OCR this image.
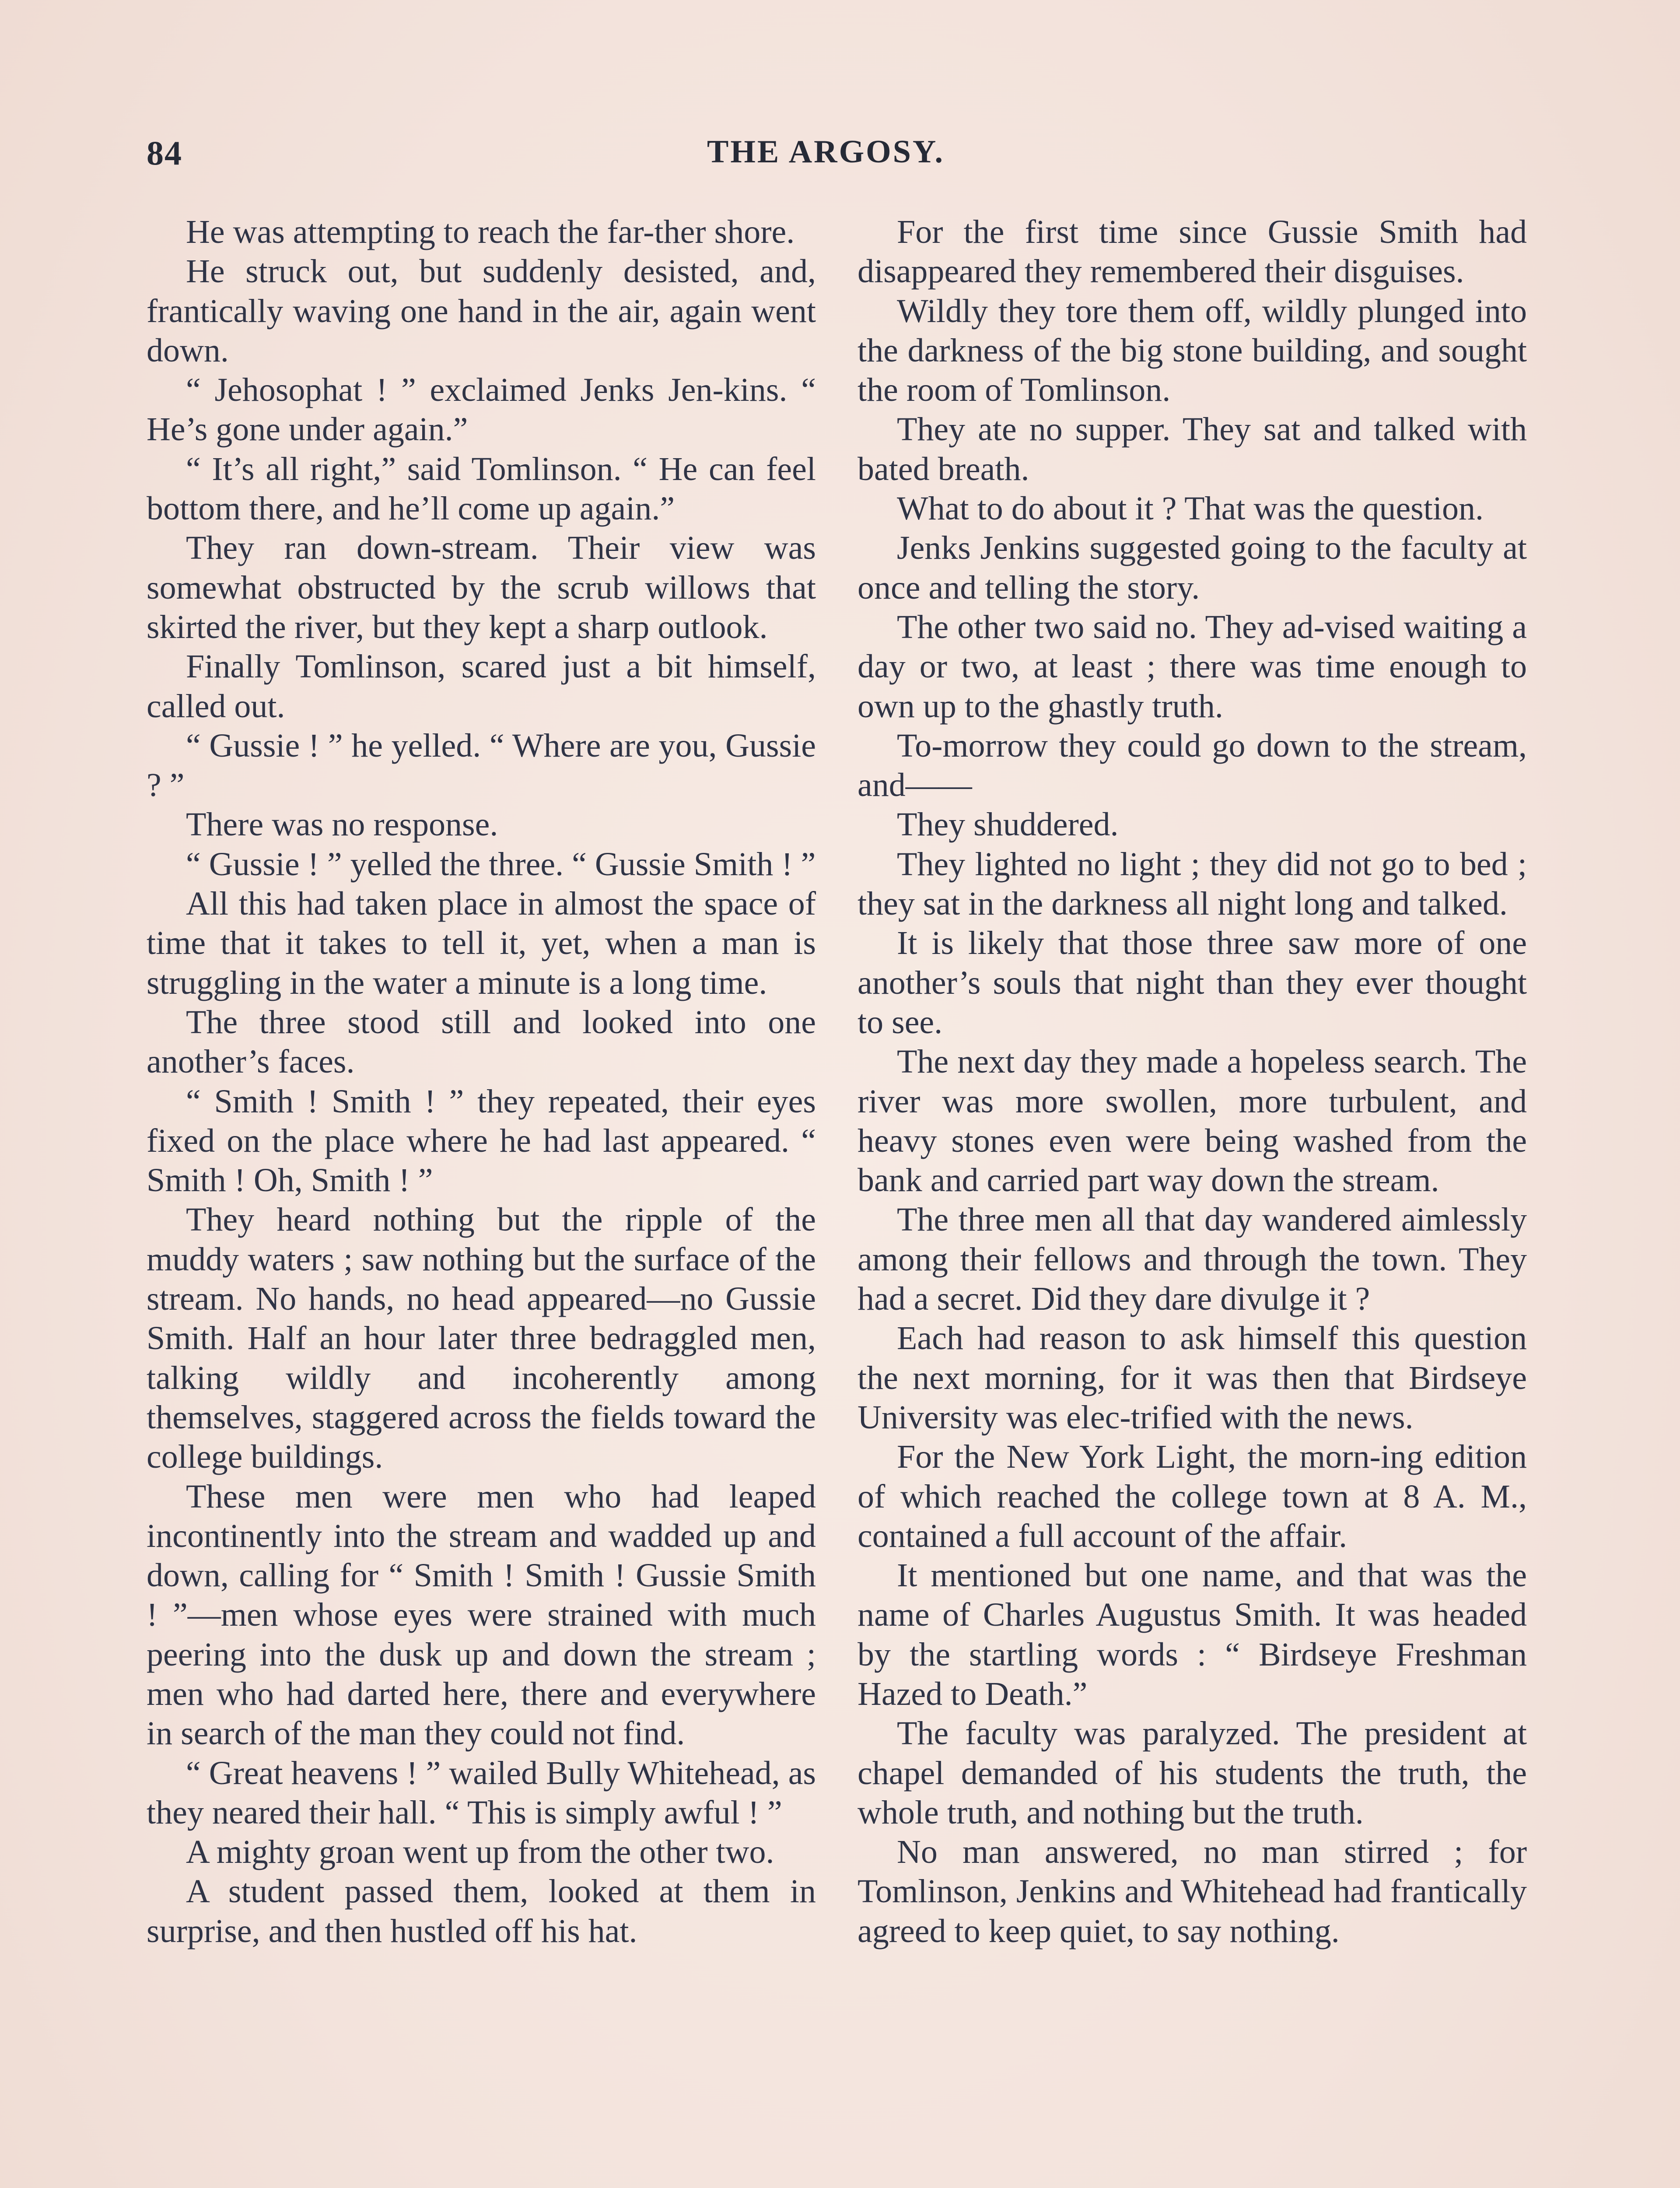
84	THE ARGOSY.

He was attempting to reach the far-ther shore.

He struck out, but suddenly desisted, and, frantically waving one hand in the air, again went down.

“ Jehosophat ! ” exclaimed Jenks Jen-kins. “ He’s gone under again.”

“ It’s all right,” said Tomlinson. “ He can feel bottom there, and he’ll come up again.”

They ran down-stream. Their view was somewhat obstructed by the scrub willows that skirted the river, but they kept a sharp outlook.

Finally Tomlinson, scared just a bit himself, called out.

“ Gussie ! ” he yelled. “ Where are you, Gussie ? ”

There was no response.

“ Gussie ! ” yelled the three. “ Gussie Smith ! ”

All this had taken place in almost the space of time that it takes to tell it, yet, when a man is struggling in the water a minute is a long time.

The three stood still and looked into one another’s faces.

“ Smith ! Smith ! ” they repeated, their eyes fixed on the place where he had last appeared. “ Smith ! Oh, Smith ! ”

They heard nothing but the ripple of the muddy waters ; saw nothing but the surface of the stream. No hands, no head appeared—no Gussie Smith. Half an hour later three bedraggled men, talking wildly and incoherently among themselves, staggered across the fields toward the college buildings.

These men were men who had leaped incontinently into the stream and wadded up and down, calling for “ Smith ! Smith ! Gussie Smith ! ”—men whose eyes were strained with much peering into the dusk up and down the stream ; men who had darted here, there and everywhere in search of the man they could not find.

“ Great heavens ! ” wailed Bully Whitehead, as they neared their hall. “ This is simply awful ! ”

A mighty groan went up from the other two.

A student passed them, looked at them in surprise, and then hustled off his hat.

For the first time since Gussie Smith had disappeared they remembered their disguises.

Wildly they tore them off, wildly plunged into the darkness of the big stone building, and sought the room of Tomlinson.

They ate no supper. They sat and talked with bated breath.

What to do about it ? That was the question.

Jenks Jenkins suggested going to the faculty at once and telling the story.

The other two said no. They ad-vised waiting a day or two, at least ; there was time enough to own up to the ghastly truth.

To-morrow they could go down to the stream, and——

They shuddered.

They lighted no light ; they did not go to bed ; they sat in the darkness all night long and talked.

It is likely that those three saw more of one another’s souls that night than they ever thought to see.

The next day they made a hopeless search. The river was more swollen, more turbulent, and heavy stones even were being washed from the bank and carried part way down the stream.

The three men all that day wandered aimlessly among their fellows and through the town. They had a secret. Did they dare divulge it ?

Each had reason to ask himself this question the next morning, for it was then that Birdseye University was elec-trified with the news.

For the New York Light, the morn-ing edition of which reached the college town at 8 A. M., contained a full account of the affair.

It mentioned but one name, and that was the name of Charles Augustus Smith. It was headed by the startling words : “ Birdseye Freshman Hazed to Death.”

The faculty was paralyzed. The president at chapel demanded of his students the truth, the whole truth, and nothing but the truth.

No man answered, no man stirred ; for Tomlinson, Jenkins and Whitehead had frantically agreed to keep quiet, to say nothing.
